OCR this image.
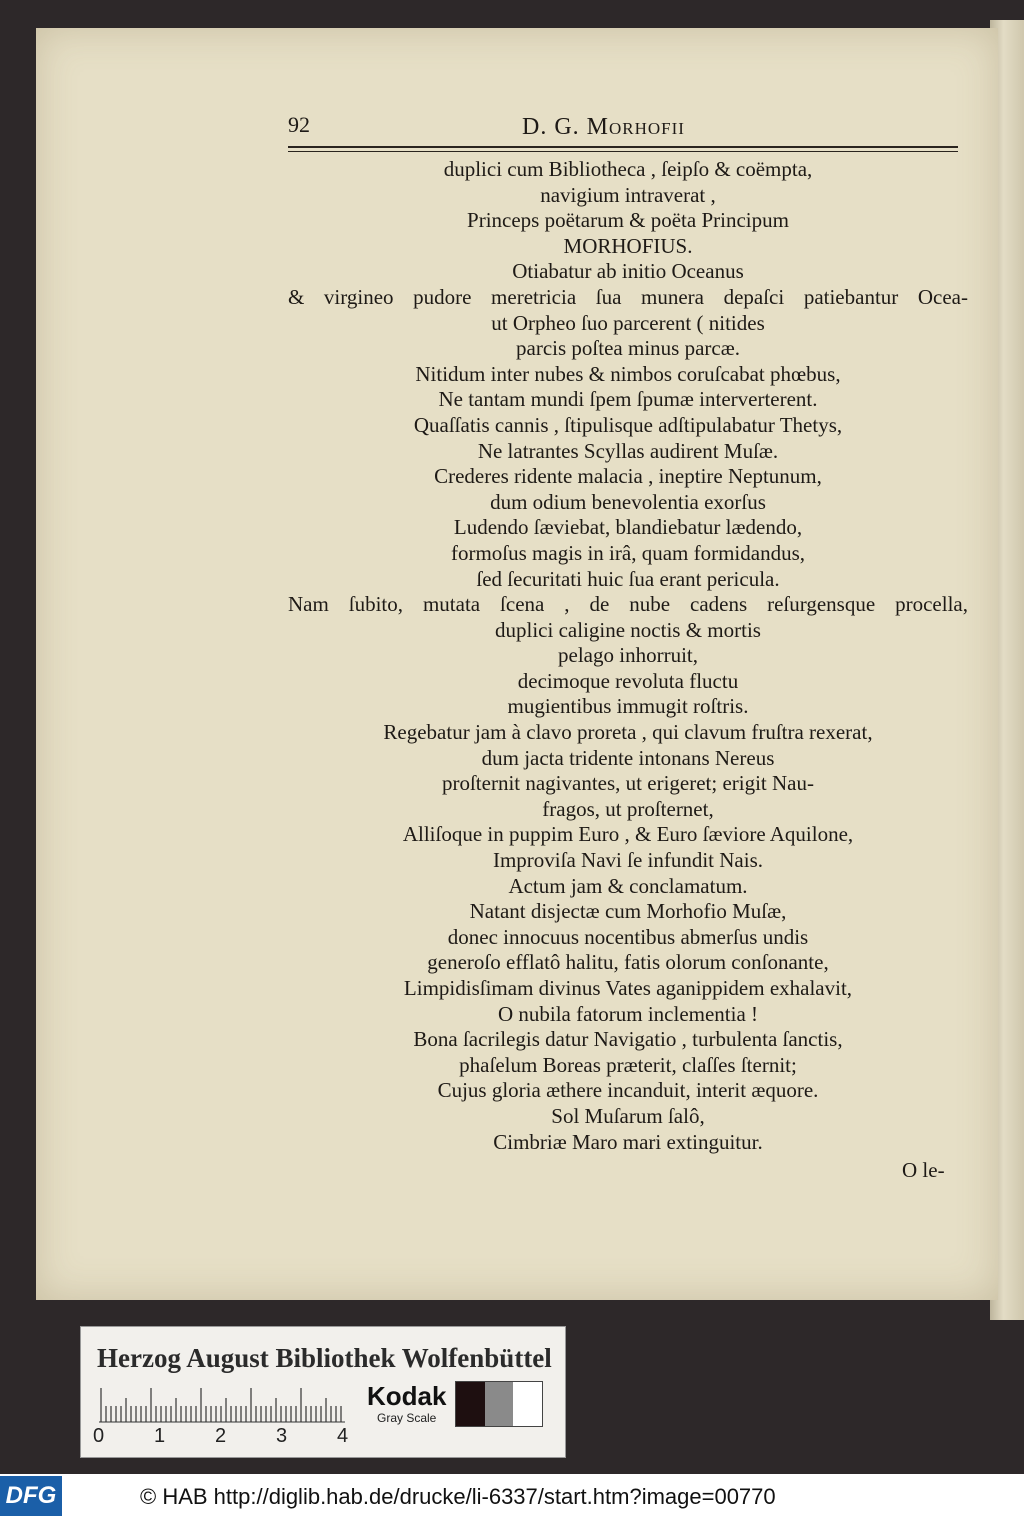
92	D. G. Morhofii
duplici cum Bibliotheca , ſeipſo & coëmpta,
navigium intraverat ,
Princeps poëtarum & poëta Principum
MORHOFIUS.
Otiabatur ab initio Oceanus
& virgineo pudore meretricia ſua munera depaſci patiebantur Ocea-
ut Orpheo ſuo parcerent ( nitides
parcis poſtea minus parcæ.
Nitidum inter nubes & nimbos coruſcabat phœbus,
Ne tantam mundi ſpem ſpumæ interverterent.
Quaſſatis cannis , ſtipulisque adſtipulabatur Thetys,
Ne latrantes Scyllas audirent Muſæ.
Crederes ridente malacia , ineptire Neptunum,
dum odium benevolentia exorſus
Ludendo ſæviebat, blandiebatur lædendo,
formoſus magis in irâ, quam formidandus,
ſed ſecuritati huic ſua erant pericula.
Nam ſubito, mutata ſcena , de nube cadens reſurgensque procella,
duplici caligine noctis & mortis
pelago inhorruit,
decimoque revoluta fluctu
mugientibus immugit roſtris.
Regebatur jam à clavo proreta , qui clavum fruſtra rexerat,
dum jacta tridente intonans Nereus
proſternit nagivantes, ut erigeret; erigit Nau-
fragos, ut proſternet,
Alliſoque in puppim Euro , & Euro ſæviore Aquilone,
Improviſa Navi ſe infundit Nais.
Actum jam & conclamatum.
Natant disjectæ cum Morhofio Muſæ,
donec innocuus nocentibus abmerſus undis
generoſo efflatô halitu, fatis olorum conſonante,
Limpidisſimam divinus Vates aganippidem exhalavit,
O nubila fatorum inclementia !
Bona ſacrilegis datur Navigatio , turbulenta ſanctis,
phaſelum Boreas præterit, claſſes ſternit;
Cujus gloria æthere incanduit, interit æquore.
Sol Muſarum ſalô,
Cimbriæ Maro mari extinguitur.
O le-
Herzog August Bibliothek Wolfenbüttel
0 1 2 3 4
Kodak
Gray Scale
DFG	© HAB http://diglib.hab.de/drucke/li-6337/start.htm?image=00770
